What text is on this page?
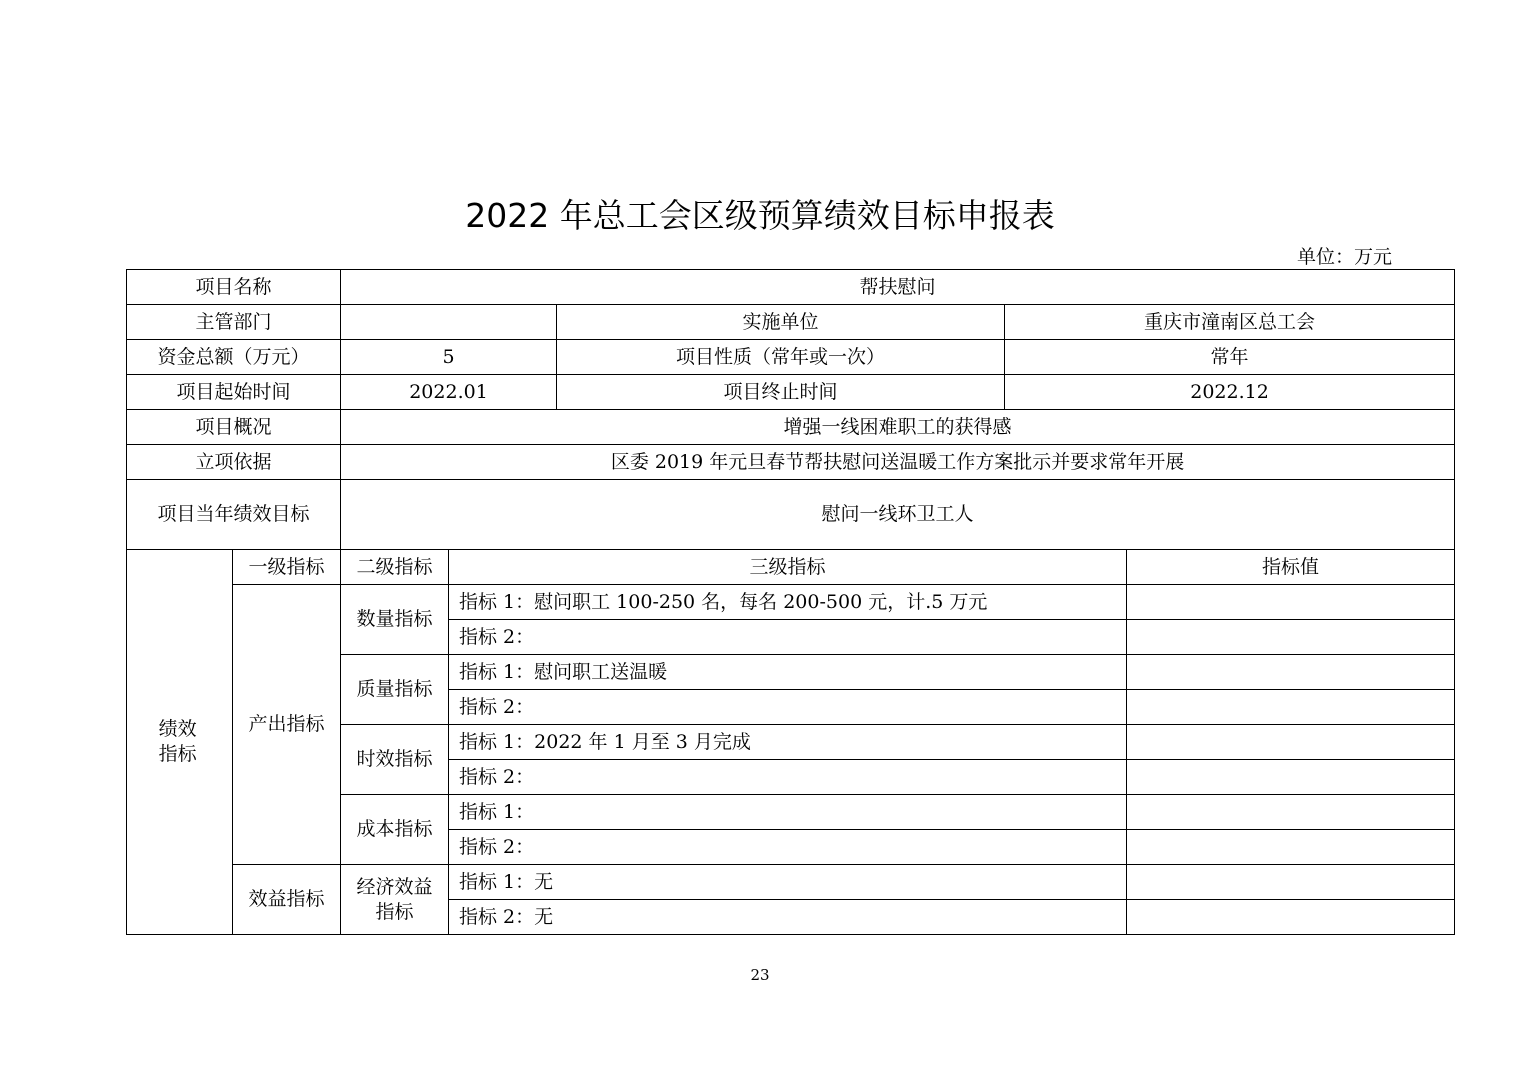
2022 年总工会区级预算绩效目标申报表
单位：万元
项目名称		帮扶慰问				
主管部门				实施单位	重庆市潼南区总工会	
资金总额（万元）		5		项目性质（常年或一次）	常年	
项目起始时间		2022.01		项目终止时间	2022.12	
项目概况		增强一线困难职工的获得感				
立项依据		区委 2019 年元旦春节帮扶慰问送温暖工作方案批示并要求常年开展				
项目当年绩效目标		慰问一线环卫工人				
绩效指标	一级指标	二级指标	三级指标			指标值
	产出指标	数量指标	指标 1：慰问职工 100-250 名，每名 200-500 元，计.5 万元			
			指标 2：			
		质量指标	指标 1：慰问职工送温暖			
			指标 2：			
		时效指标	指标 1：2022 年 1 月至 3 月完成			
			指标 2：			
		成本指标	指标 1：			
			指标 2：			
	效益指标	经济效益指标	指标 1：无			
			指标 2：无			
23
